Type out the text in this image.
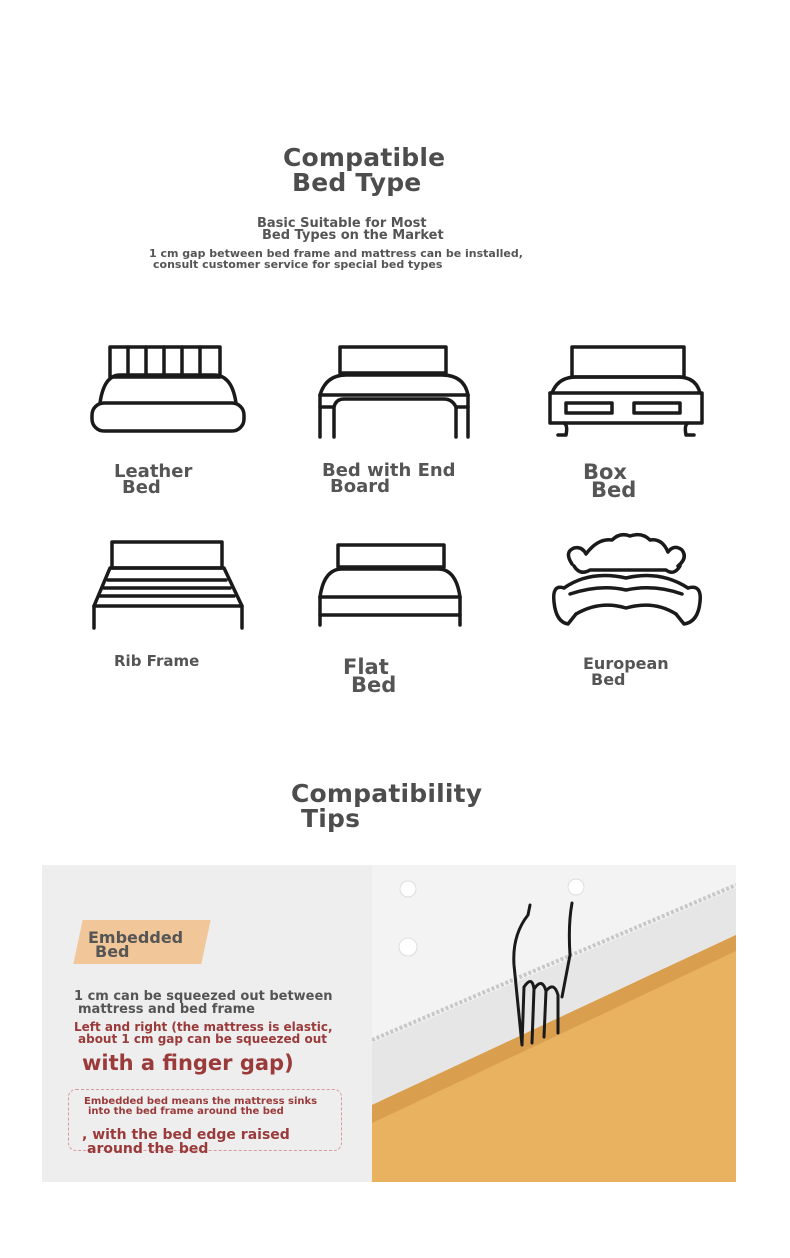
Compatible
Bed Type
Basic Suitable for Most
Bed Types on the Market
1 cm gap between bed frame and mattress can be installed,
consult customer service for special bed types
Leather
Bed
Bed with End
Board
Box
Bed
Rib Frame	Flat
Bed
European
Bed
Compatibility
Tips
Embedded
Bed
1 cm can be squeezed out between
mattress and bed frame
Left and right (the mattress is elastic,
about 1 cm gap can be squeezed out
with a finger gap)
Embedded bed means the mattress sinks
into the bed frame around the bed
, with the bed edge raised
around the bed
